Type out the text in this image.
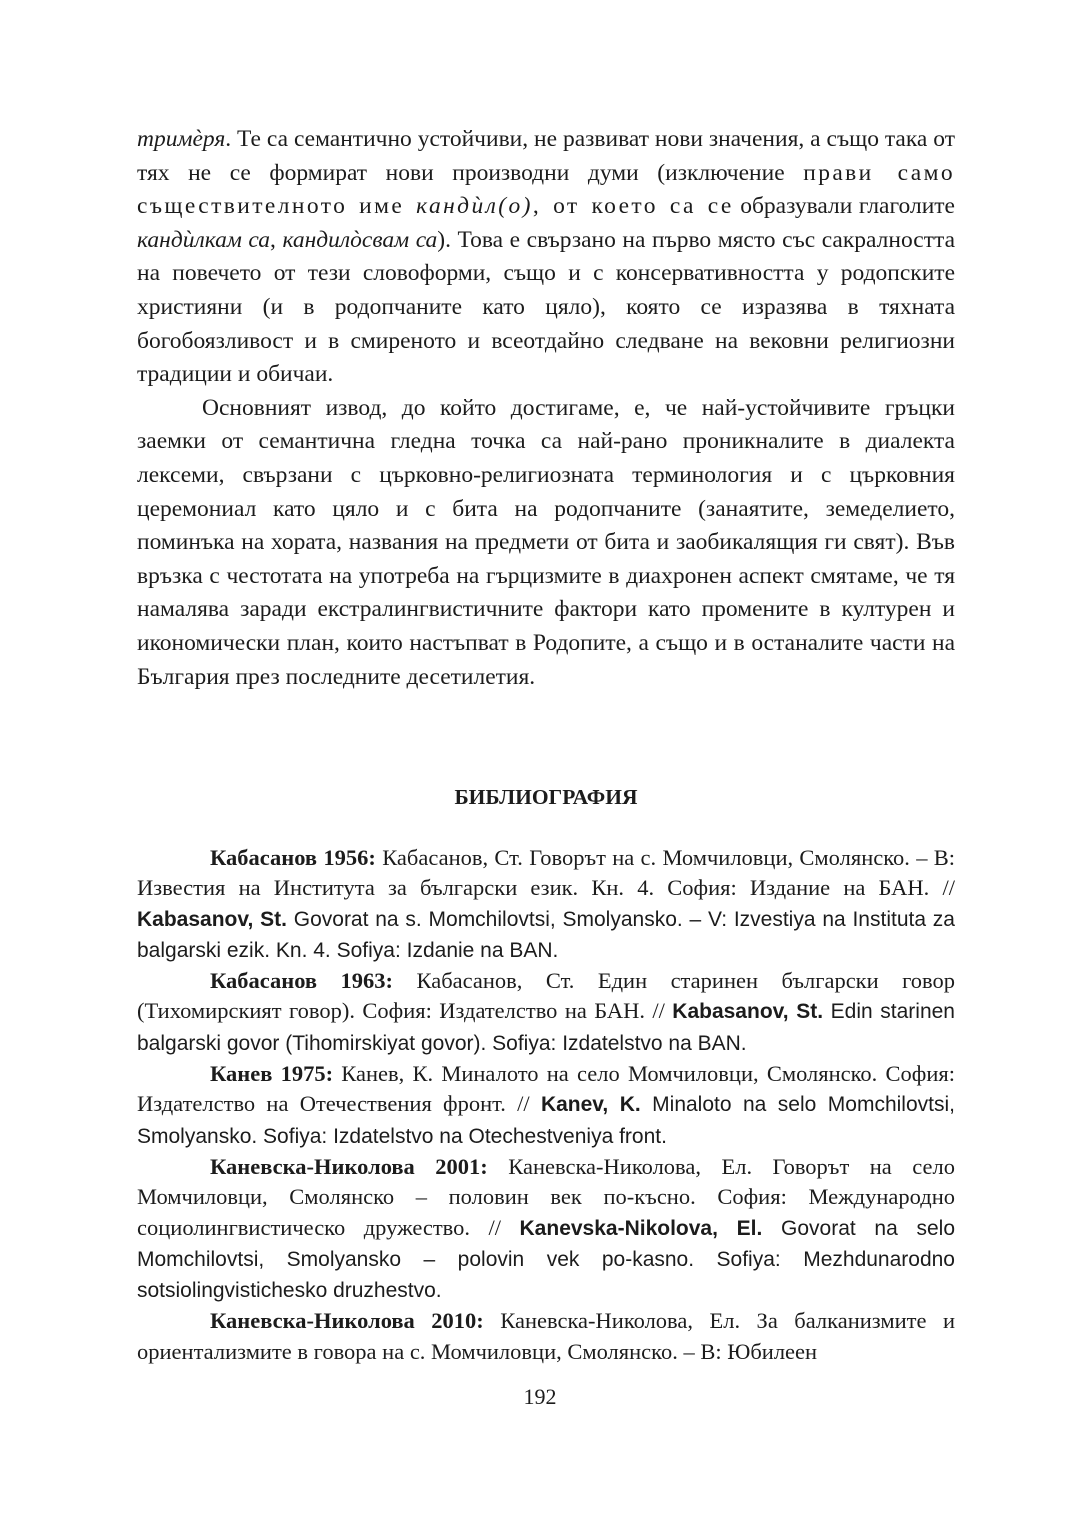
тримѐря. Те са семантично устойчиви, не развиват нови значения, а също така от тях не се формират нови производни думи (изключение прави само съществителното име кандѝл(о), от което са се образували глаголите кандѝлкам са, кандилòсвам са). Това е свързано на първо място със сакралността на повечето от тези словоформи, също и с консервативността у родопските християни (и в родопчаните като цяло), която се изразява в тяхната богобоязливост и в смиреното и всеотдайно следване на вековни религиозни традиции и обичаи.

Основният извод, до който достигаме, е, че най-устойчивите гръцки заемки от семантична гледна точка са най-рано проникналите в диалекта лексеми, свързани с църковно-религиозната терминология и с църковния церемониал като цяло и с бита на родопчаните (занаятите, земеделието, поминъка на хората, названия на предмети от бита и заобикалящия ги свят). Във връзка с честотата на употреба на гърцизмите в диахронен аспект смятаме, че тя намалява заради екстралингвистичните фактори като промените в културен и икономически план, които настъпват в Родопите, а също и в останалите части на България през последните десетилетия.

БИБЛИОГРАФИЯ

Кабасанов 1956: Кабасанов, Ст. Говорът на с. Момчиловци, Смолянско. – В: Известия на Института за български език. Кн. 4. София: Издание на БАН. // Kabasanov, St. Govorat na s. Momchilovtsi, Smolyansko. – V: Izvestiya na Instituta za balgarski ezik. Kn. 4. Sofiya: Izdanie na BAN.

Кабасанов 1963: Кабасанов, Ст. Един старинен български говор (Тихомирският говор). София: Издателство на БАН. // Kabasanov, St. Edin starinen balgarski govor (Tihomirskiyat govor). Sofiya: Izdatelstvo na BAN.

Канев 1975: Канев, К. Миналото на село Момчиловци, Смолянско. София: Издателство на Отечествения фронт. // Kanev, K. Minaloto na selo Momchilovtsi, Smolyansko. Sofiya: Izdatelstvo na Otechestveniya front.

Каневска-Николова 2001: Каневска-Николова, Ел. Говорът на село Момчиловци, Смолянско – половин век по-късно. София: Международно социолингвистическо дружество. // Kanevska-Nikolova, El. Govorat na selo Momchilovtsi, Smolyansko – polovin vek po-kasno. Sofiya: Mezhdunarodno sotsiolingvistichesko druzhestvo.

Каневска-Николова 2010: Каневска-Николова, Ел. За балканизмите и ориентализмите в говора на с. Момчиловци, Смолянско. – В: Юбилеен

192
